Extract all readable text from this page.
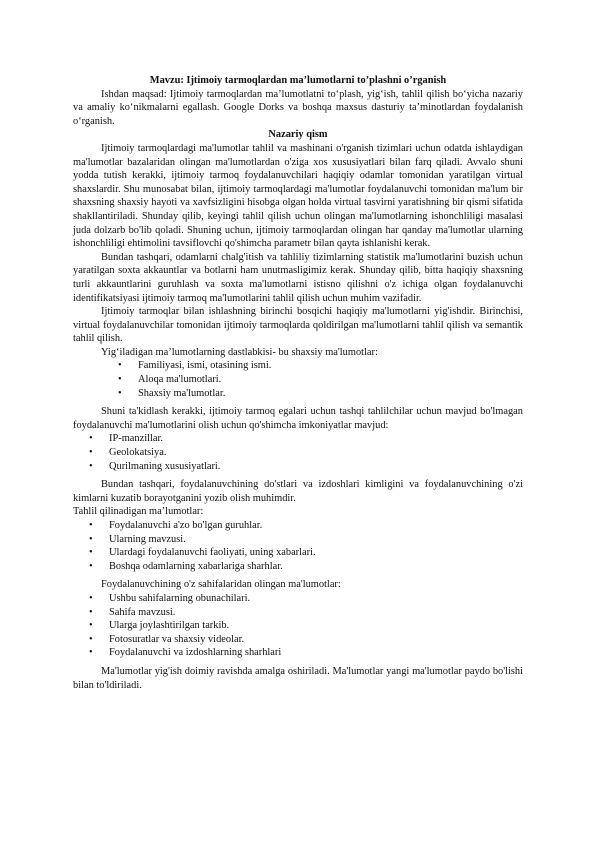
Mavzu: Ijtimoiy tarmoqlardan ma’lumotlarni to’plashni o’rganish

Ishdan maqsad: Ijtimoiy tarmoqlardan ma’lumotlatni to‘plash, yig‘ish, tahlil qilish bo‘yicha nazariy va amaliy ko‘nikmalarni egallash. Google Dorks va boshqa maxsus dasturiy ta’minotlardan foydalanish o‘rganish.

Nazariy qism

Ijtimoiy tarmoqlardagi ma'lumotlar tahlil va mashinani o'rganish tizimlari uchun odatda ishlaydigan ma'lumotlar bazalaridan olingan ma'lumotlardan o'ziga xos xususiyatlari bilan farq qiladi. Avvalo shuni yodda tutish kerakki, ijtimoiy tarmoq foydalanuvchilari haqiqiy odamlar tomonidan yaratilgan virtual shaxslardir. Shu munosabat bilan, ijtimoiy tarmoqlardagi ma'lumotlar foydalanuvchi tomonidan ma'lum bir shaxsning shaxsiy hayoti va xavfsizligini hisobga olgan holda virtual tasvirni yaratishning bir qismi sifatida shakllantiriladi. Shunday qilib, keyingi tahlil qilish uchun olingan ma'lumotlarning ishonchliligi masalasi juda dolzarb bo'lib qoladi. Shuning uchun, ijtimoiy tarmoqlardan olingan har qanday ma'lumotlar ularning ishonchliligi ehtimolini tavsiflovchi qo'shimcha parametr bilan qayta ishlanishi kerak.

Bundan tashqari, odamlarni chalg'itish va tahliliy tizimlarning statistik ma'lumotlarini buzish uchun yaratilgan soxta akkauntlar va botlarni ham unutmasligimiz kerak. Shunday qilib, bitta haqiqiy shaxsning turli akkauntlarini guruhlash va soxta ma'lumotlarni istisno qilishni o'z ichiga olgan foydalanuvchi identifikatsiyasi ijtimoiy tarmoq ma'lumotlarini tahlil qilish uchun muhim vazifadir.

Ijtimoiy tarmoqlar bilan ishlashning birinchi bosqichi haqiqiy ma'lumotlarni yig'ishdir. Birinchisi, virtual foydalanuvchilar tomonidan ijtimoiy tarmoqlarda qoldirilgan ma'lumotlarni tahlil qilish va semantik tahlil qilish.

Yig‘iladigan ma’lumotlarning dastlabkisi- bu shaxsiy ma'lumotlar:

• Familiyasi, ismi, otasining ismi.
• Aloqa ma'lumotlari.
• Shaxsiy ma'lumotlar.

Shuni ta'kidlash kerakki, ijtimoiy tarmoq egalari uchun tashqi tahlilchilar uchun mavjud bo'lmagan foydalanuvchi ma'lumotlarini olish uchun qo'shimcha imkoniyatlar mavjud:

• IP-manzillar.
• Geolokatsiya.
• Qurilmaning xususiyatlari.

Bundan tashqari, foydalanuvchining do'stlari va izdoshlari kimligini va foydalanuvchining o'zi kimlarni kuzatib borayotganini yozib olish muhimdir.

Tahlil qilinadigan ma’lumotlar:

• Foydalanuvchi a'zo bo'lgan guruhlar.
• Ularning mavzusi.
• Ulardagi foydalanuvchi faoliyati, uning xabarlari.
• Boshqa odamlarning xabarlariga sharhlar.

Foydalanuvchining o'z sahifalaridan olingan ma'lumotlar:

• Ushbu sahifalarning obunachilari.
• Sahifa mavzusi.
• Ularga joylashtirilgan tarkib.
• Fotosuratlar va shaxsiy videolar.
• Foydalanuvchi va izdoshlarning sharhlari

Ma'lumotlar yig'ish doimiy ravishda amalga oshiriladi. Ma'lumotlar yangi ma'lumotlar paydo bo'lishi bilan to'ldiriladi.
